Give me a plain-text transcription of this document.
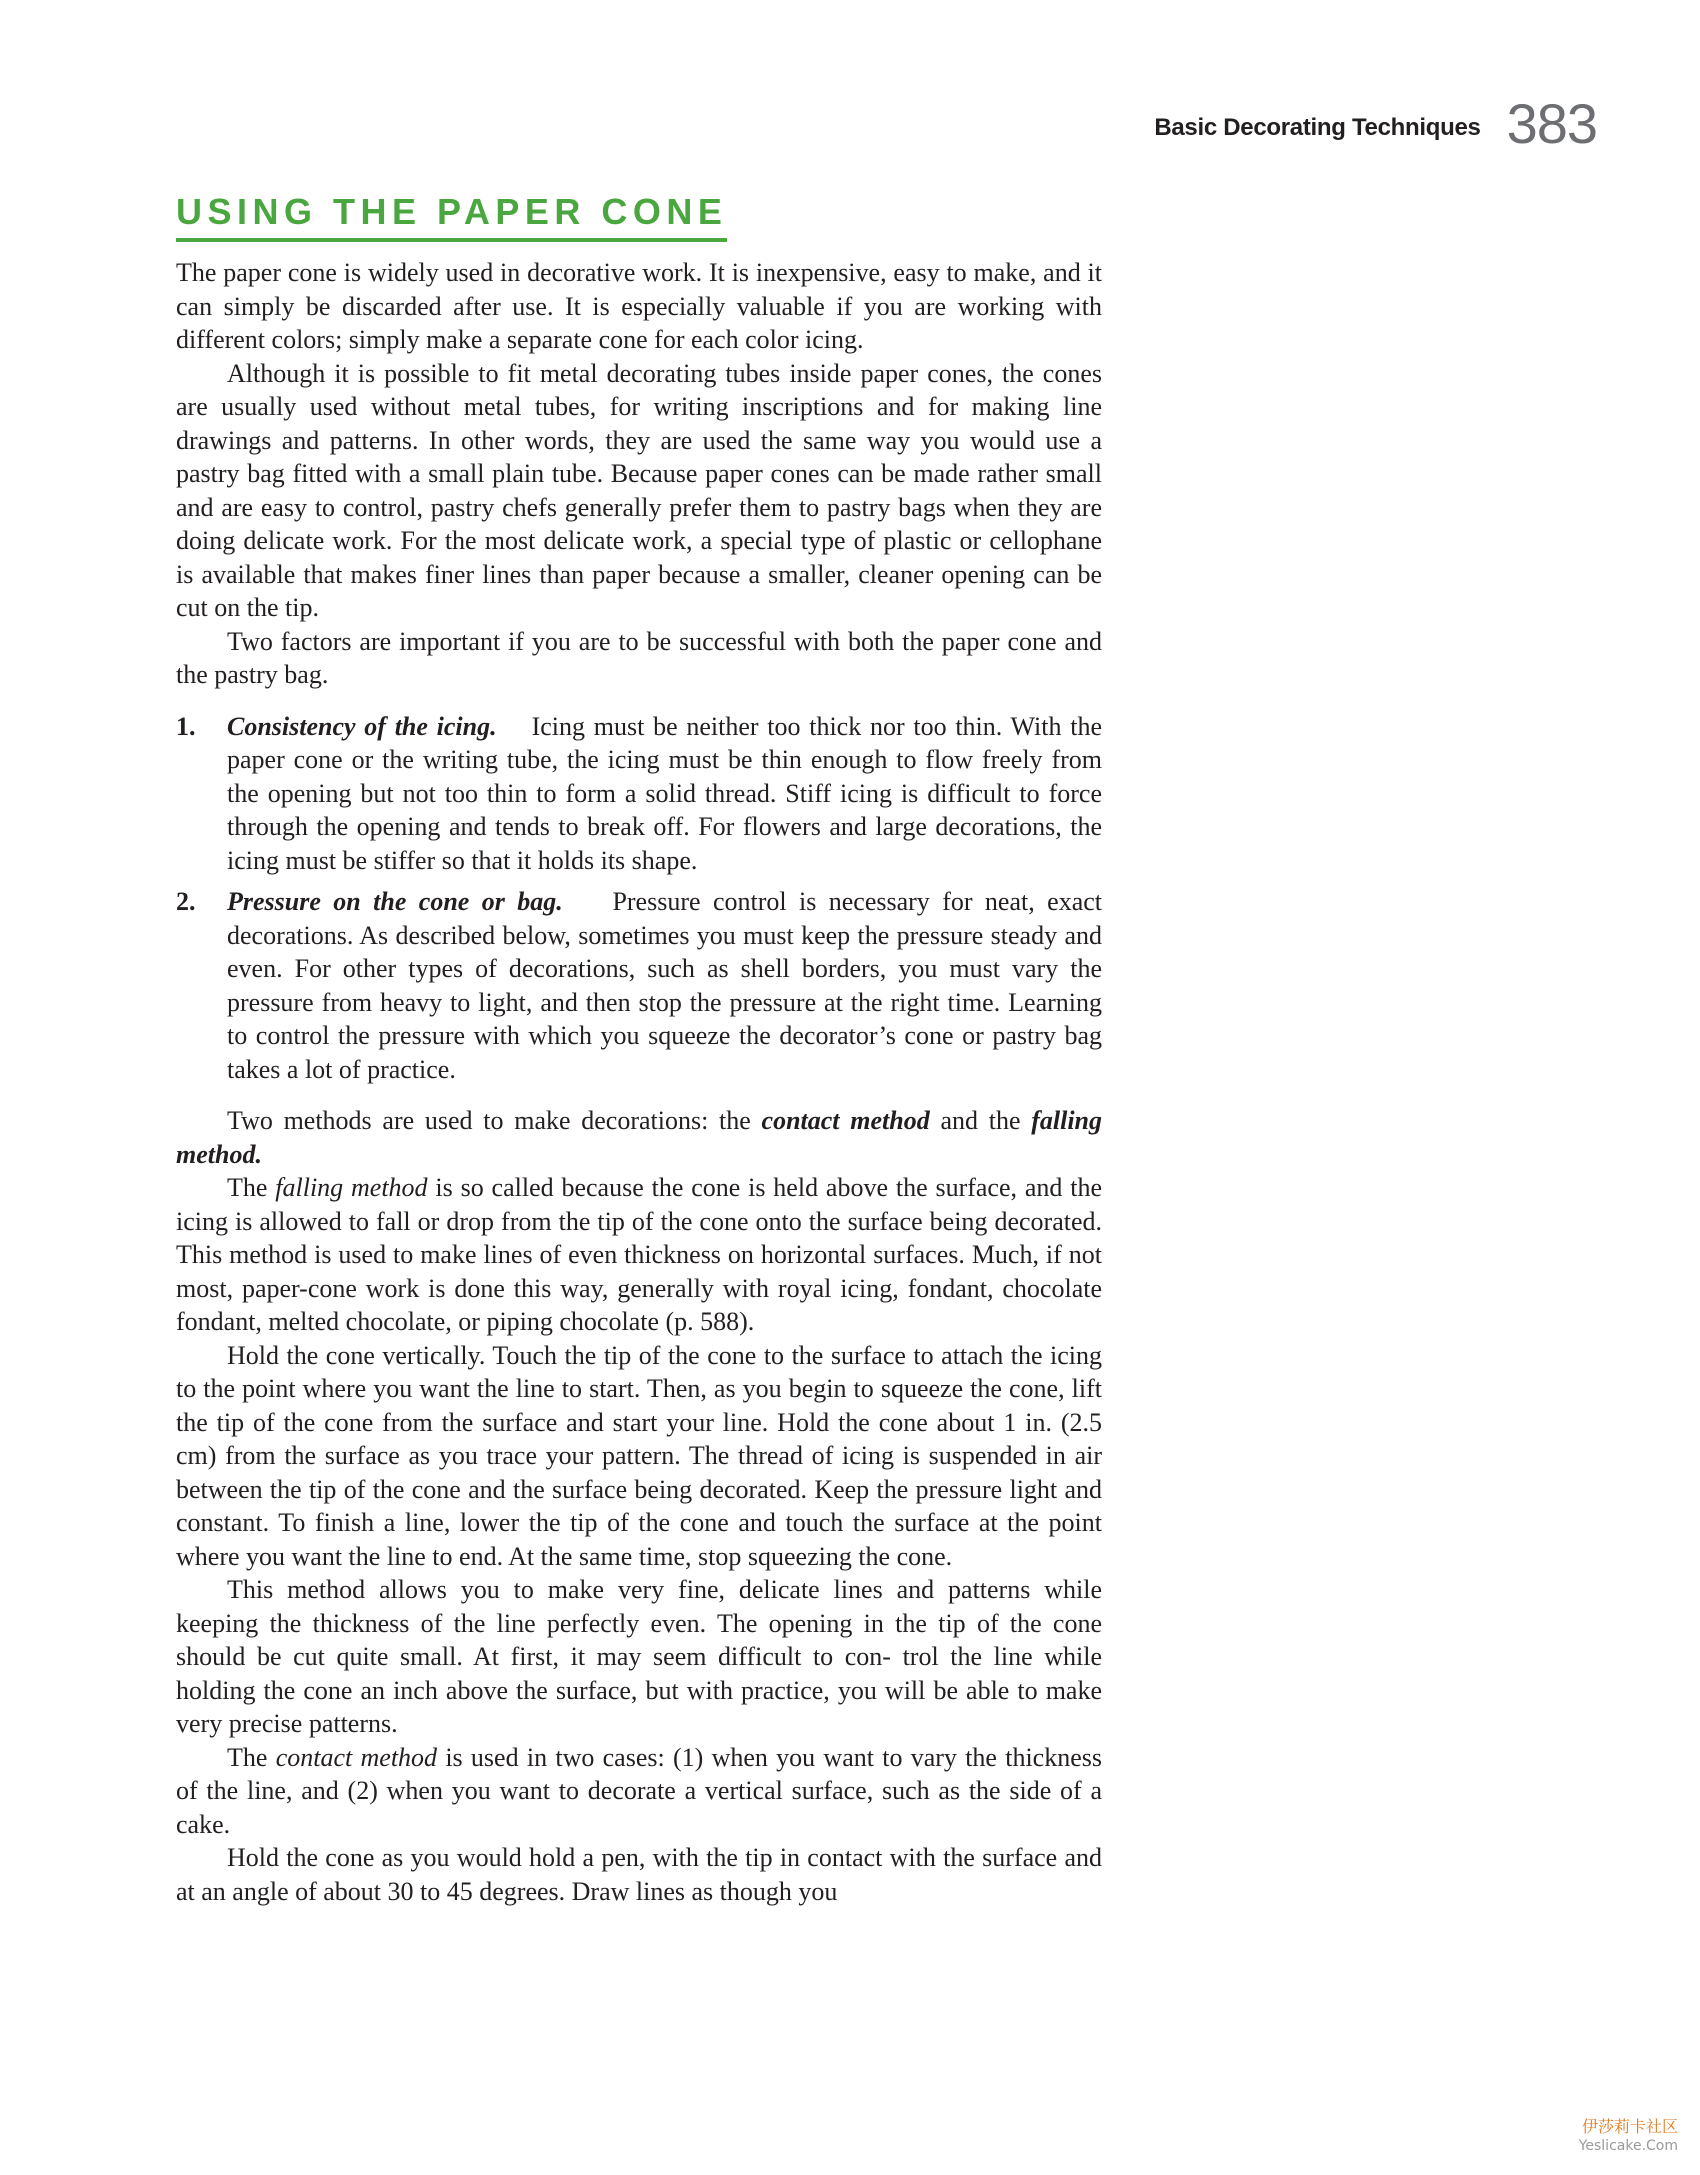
Basic Decorating Techniques 383
USING THE PAPER CONE

The paper cone is widely used in decorative work. It is inexpensive, easy to make, and it can simply be discarded after use. It is especially valuable if you are working with different colors; simply make a separate cone for each color icing.

Although it is possible to fit metal decorating tubes inside paper cones, the cones are usually used without metal tubes, for writing inscriptions and for making line drawings and patterns. In other words, they are used the same way you would use a pastry bag fitted with a small plain tube. Because paper cones can be made rather small and are easy to control, pastry chefs generally prefer them to pastry bags when they are doing delicate work. For the most delicate work, a special type of plastic or cellophane is available that makes finer lines than paper because a smaller, cleaner opening can be cut on the tip.

Two factors are important if you are to be successful with both the paper cone and the pastry bag.

1. Consistency of the icing. Icing must be neither too thick nor too thin. With the paper cone or the writing tube, the icing must be thin enough to flow freely from the opening but not too thin to form a solid thread. Stiff icing is difficult to force through the opening and tends to break off. For flowers and large decorations, the icing must be stiffer so that it holds its shape.
2. Pressure on the cone or bag. Pressure control is necessary for neat, exact decorations. As described below, sometimes you must keep the pressure steady and even. For other types of decorations, such as shell borders, you must vary the pressure from heavy to light, and then stop the pressure at the right time. Learning to control the pressure with which you squeeze the decorator’s cone or pastry bag takes a lot of practice.

Two methods are used to make decorations: the contact method and the falling method.

The falling method is so called because the cone is held above the surface, and the icing is allowed to fall or drop from the tip of the cone onto the surface being decorated. This method is used to make lines of even thickness on horizontal surfaces. Much, if not most, paper-cone work is done this way, generally with royal icing, fondant, chocolate fondant, melted chocolate, or piping chocolate (p. 588).

Hold the cone vertically. Touch the tip of the cone to the surface to attach the icing to the point where you want the line to start. Then, as you begin to squeeze the cone, lift the tip of the cone from the surface and start your line. Hold the cone about 1 in. (2.5 cm) from the surface as you trace your pattern. The thread of icing is suspended in air between the tip of the cone and the surface being decorated. Keep the pressure light and constant. To finish a line, lower the tip of the cone and touch the surface at the point where you want the line to end. At the same time, stop squeezing the cone.

This method allows you to make very fine, delicate lines and patterns while keeping the thickness of the line perfectly even. The opening in the tip of the cone should be cut quite small. At first, it may seem difficult to con- trol the line while holding the cone an inch above the surface, but with practice, you will be able to make very precise patterns.

The contact method is used in two cases: (1) when you want to vary the thickness of the line, and (2) when you want to decorate a vertical surface, such as the side of a cake.

Hold the cone as you would hold a pen, with the tip in contact with the surface and at an angle of about 30 to 45 degrees. Draw lines as though you

伊莎莉卡社区
Yeslicake.Com
